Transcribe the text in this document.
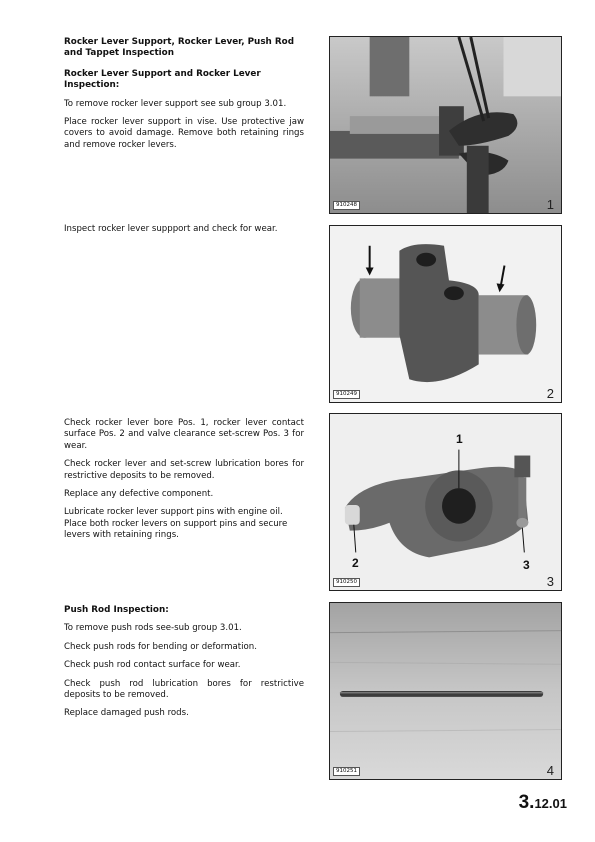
Rocker Lever Support, Rocker Lever, Push Rod and Tappet Inspection
Rocker Lever Support and Rocker Lever Inspection:

To remove rocker lever support see sub group 3.01.

Place rocker lever support in vise. Use protective jaw covers to avoid damage. Remove both retaining rings and remove rocker levers.

Inspect rocker lever suppport and check for wear.

Check rocker lever bore Pos. 1, rocker lever contact surface Pos. 2 and valve clearance set-screw Pos. 3 for wear.

Check rocker lever and set-screw lubrication bores for restrictive deposits to be removed.

Replace any defective component.

Lubricate rocker lever support pins with engine oil. Place both rocker levers on support pins and secure levers with retaining rings.

Push Rod Inspection:

To remove push rods see-sub group 3.01.

Check push rods for bending or deformation.

Check push rod contact surface for wear.

Check push rod lubrication bores for restrictive deposits to be removed.

Replace damaged push rods.

910248	1
910249	2
1
2	3
910250	3
910251	4
3.12.01
